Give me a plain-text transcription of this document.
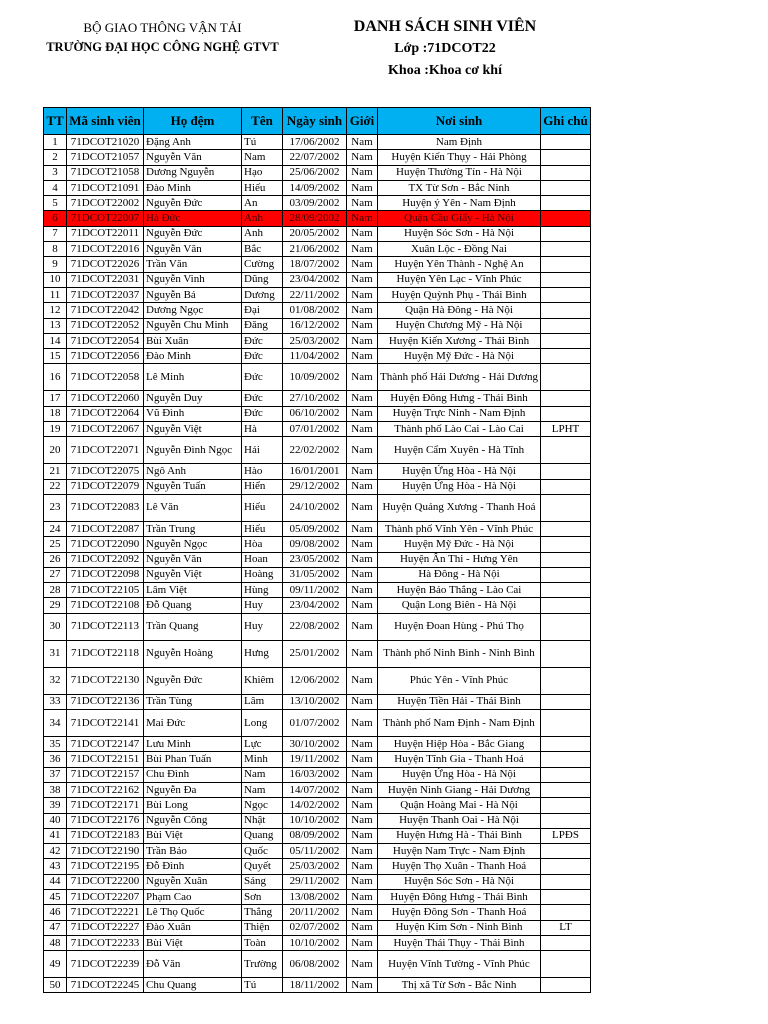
BỘ GIAO THÔNG VẬN TẢI
TRƯỜNG ĐẠI HỌC CÔNG NGHỆ GTVT
DANH SÁCH SINH VIÊN
Lớp :71DCOT22
Khoa :Khoa cơ khí
TT	Mã sinh viên	Họ đệm	Tên	Ngày sinh	Giới	Nơi sinh	Ghi chú
1	71DCOT21020	Đặng Anh	Tú	17/06/2002	Nam	Nam Định	
2	71DCOT21057	Nguyễn Văn	Nam	22/07/2002	Nam	Huyện Kiến Thụy - Hải Phòng	
3	71DCOT21058	Dương Nguyễn	Hạo	25/06/2002	Nam	Huyện Thường Tín - Hà Nội	
4	71DCOT21091	Đào Minh	Hiếu	14/09/2002	Nam	TX Từ Sơn - Bắc Ninh	
5	71DCOT22002	Nguyễn Đức	An	03/09/2002	Nam	Huyện ý Yên - Nam Định	
6	71DCOT22007	Hà Đức	Anh	28/09/2002	Nam	Quận Cầu Giấy - Hà Nội	
7	71DCOT22011	Nguyễn Đức	Anh	20/05/2002	Nam	Huyện Sóc Sơn - Hà Nội	
8	71DCOT22016	Nguyễn Văn	Bắc	21/06/2002	Nam	Xuân Lộc - Đồng Nai	
9	71DCOT22026	Trần Văn	Cường	18/07/2002	Nam	Huyện Yên Thành - Nghệ An	
10	71DCOT22031	Nguyễn Vinh	Dũng	23/04/2002	Nam	Huyện Yên Lạc - Vĩnh Phúc	
11	71DCOT22037	Nguyễn Bá	Dương	22/11/2002	Nam	Huyện Quỳnh Phụ - Thái Bình	
12	71DCOT22042	Dương Ngọc	Đại	01/08/2002	Nam	Quận Hà Đông - Hà Nội	
13	71DCOT22052	Nguyễn Chu Minh	Đăng	16/12/2002	Nam	Huyện Chương Mỹ - Hà Nội	
14	71DCOT22054	Bùi Xuân	Đức	25/03/2002	Nam	Huyện Kiến Xương - Thái Bình	
15	71DCOT22056	Đào Minh	Đức	11/04/2002	Nam	Huyện Mỹ Đức - Hà Nội	
16	71DCOT22058	Lê Minh	Đức	10/09/2002	Nam	Thành phố Hải Dương - Hải Dương	
17	71DCOT22060	Nguyễn Duy	Đức	27/10/2002	Nam	Huyện Đông Hưng - Thái Bình	
18	71DCOT22064	Vũ Đình	Đức	06/10/2002	Nam	Huyện Trực Ninh - Nam Định	
19	71DCOT22067	Nguyễn Việt	Hà	07/01/2002	Nam	Thành phố Lào Cai - Lào Cai	LPHT
20	71DCOT22071	Nguyễn Đình Ngọc	Hải	22/02/2002	Nam	Huyện Cẩm Xuyên - Hà Tĩnh	
21	71DCOT22075	Ngô Anh	Hào	16/01/2001	Nam	Huyện Ứng Hòa - Hà Nội	
22	71DCOT22079	Nguyễn Tuấn	Hiển	29/12/2002	Nam	Huyện Ứng Hòa - Hà Nội	
23	71DCOT22083	Lê Văn	Hiếu	24/10/2002	Nam	Huyện Quảng Xương - Thanh Hoá	
24	71DCOT22087	Trần Trung	Hiếu	05/09/2002	Nam	Thành phố Vĩnh Yên - Vĩnh Phúc	
25	71DCOT22090	Nguyễn Ngọc	Hòa	09/08/2002	Nam	Huyện Mỹ Đức - Hà Nội	
26	71DCOT22092	Nguyễn Văn	Hoan	23/05/2002	Nam	Huyện Ân Thi - Hưng Yên	
27	71DCOT22098	Nguyễn Việt	Hoàng	31/05/2002	Nam	Hà Đông - Hà Nội	
28	71DCOT22105	Lâm Việt	Hùng	09/11/2002	Nam	Huyện Bảo Thắng - Lào Cai	
29	71DCOT22108	Đỗ Quang	Huy	23/04/2002	Nam	Quận Long Biên - Hà Nội	
30	71DCOT22113	Trần Quang	Huy	22/08/2002	Nam	Huyện Đoan Hùng - Phú Thọ	
31	71DCOT22118	Nguyễn Hoàng	Hưng	25/01/2002	Nam	Thành phố Ninh Bình - Ninh Bình	
32	71DCOT22130	Nguyễn Đức	Khiêm	12/06/2002	Nam	Phúc Yên - Vĩnh Phúc	
33	71DCOT22136	Trần Tùng	Lâm	13/10/2002	Nam	Huyện Tiền Hải - Thái Bình	
34	71DCOT22141	Mai Đức	Long	01/07/2002	Nam	Thành phố Nam Định - Nam Định	
35	71DCOT22147	Lưu Minh	Lực	30/10/2002	Nam	Huyện Hiệp Hòa - Bắc Giang	
36	71DCOT22151	Bùi Phan Tuấn	Minh	19/11/2002	Nam	Huyện Tĩnh Gia - Thanh Hoá	
37	71DCOT22157	Chu Đình	Nam	16/03/2002	Nam	Huyện Ứng Hòa - Hà Nội	
38	71DCOT22162	Nguyễn Đa	Nam	14/07/2002	Nam	Huyện Ninh Giang - Hải Dương	
39	71DCOT22171	Bùi Long	Ngọc	14/02/2002	Nam	Quận Hoàng Mai - Hà Nội	
40	71DCOT22176	Nguyễn Công	Nhật	10/10/2002	Nam	Huyện Thanh Oai - Hà Nội	
41	71DCOT22183	Bùi Việt	Quang	08/09/2002	Nam	Huyện Hưng Hà - Thái Bình	LPĐS
42	71DCOT22190	Trần Bảo	Quốc	05/11/2002	Nam	Huyện Nam Trực - Nam Định	
43	71DCOT22195	Đỗ Đình	Quyết	25/03/2002	Nam	Huyện Thọ Xuân - Thanh Hoá	
44	71DCOT22200	Nguyễn Xuân	Sáng	29/11/2002	Nam	Huyện Sóc Sơn - Hà Nội	
45	71DCOT22207	Phạm Cao	Sơn	13/08/2002	Nam	Huyện Đông Hưng - Thái Bình	
46	71DCOT22221	Lê Thọ Quốc	Thắng	20/11/2002	Nam	Huyện Đông Sơn - Thanh Hoá	
47	71DCOT22227	Đào Xuân	Thiện	02/07/2002	Nam	Huyện Kim Sơn - Ninh Bình	LT
48	71DCOT22233	Bùi Việt	Toàn	10/10/2002	Nam	Huyện Thái Thụy - Thái Bình	
49	71DCOT22239	Đỗ Văn	Trường	06/08/2002	Nam	Huyện Vĩnh Tường - Vĩnh Phúc	
50	71DCOT22245	Chu Quang	Tú	18/11/2002	Nam	Thị xã Từ Sơn - Bắc Ninh	
